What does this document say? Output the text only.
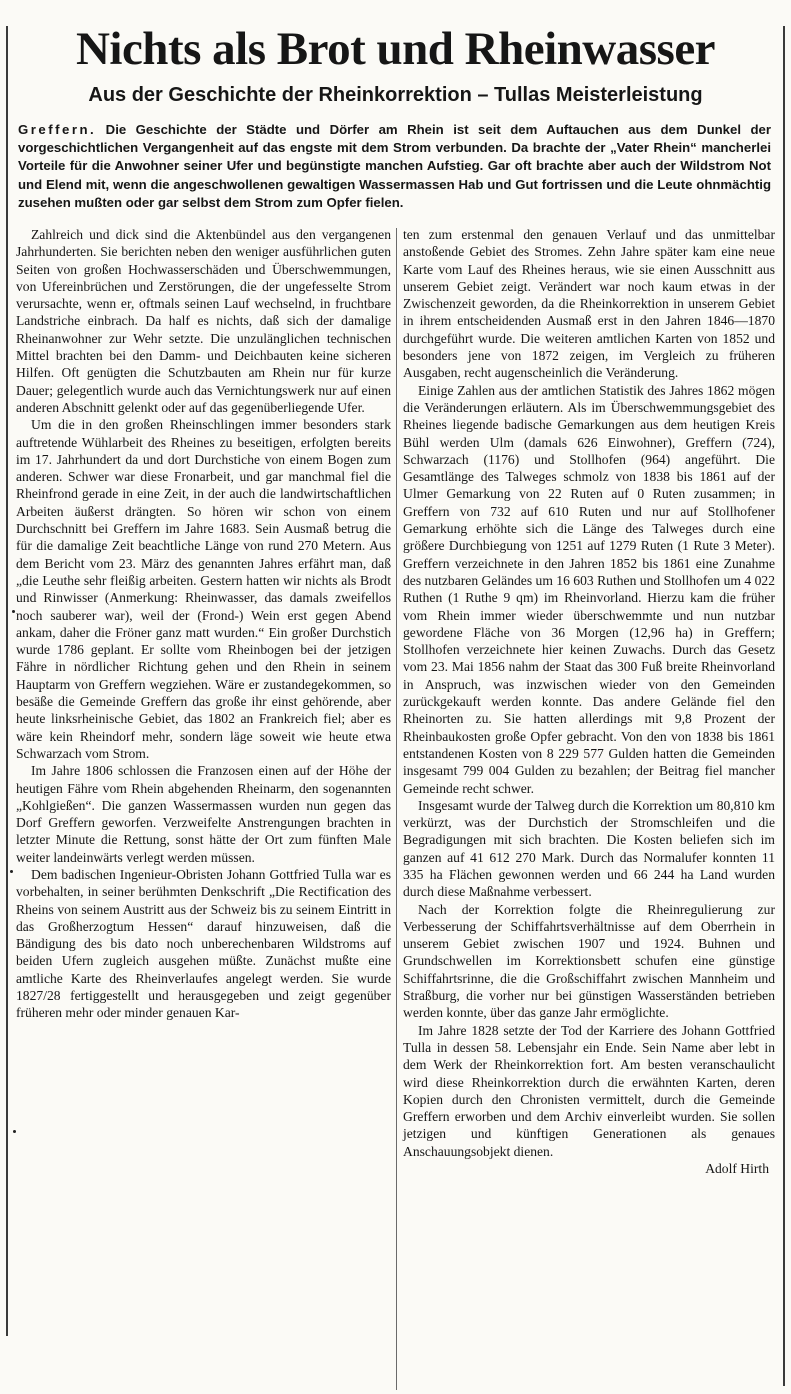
Nichts als Brot und Rheinwasser
Aus der Geschichte der Rheinkorrektion – Tullas Meisterleistung

Greffern. Die Geschichte der Städte und Dörfer am Rhein ist seit dem Auftauchen aus dem Dunkel der vorgeschichtlichen Vergangenheit auf das engste mit dem Strom verbunden. Da brachte der „Vater Rhein“ mancherlei Vorteile für die Anwohner seiner Ufer und begünstigte manchen Aufstieg. Gar oft brachte aber auch der Wildstrom Not und Elend mit, wenn die angeschwollenen gewaltigen Wassermassen Hab und Gut fortrissen und die Leute ohnmächtig zusehen mußten oder gar selbst dem Strom zum Opfer fielen.

Zahlreich und dick sind die Aktenbündel aus den vergangenen Jahrhunderten. Sie berichten neben den weniger ausführlichen guten Seiten von großen Hochwasserschäden und Überschwemmungen, von Ufereinbrüchen und Zerstörungen, die der ungefesselte Strom verursachte, wenn er, oftmals seinen Lauf wechselnd, in fruchtbare Landstriche einbrach. Da half es nichts, daß sich der damalige Rheinanwohner zur Wehr setzte. Die unzulänglichen technischen Mittel brachten bei den Damm- und Deichbauten keine sicheren Hilfen. Oft genügten die Schutzbauten am Rhein nur für kurze Dauer; gelegentlich wurde auch das Vernichtungswerk nur auf einen anderen Abschnitt gelenkt oder auf das gegenüberliegende Ufer.

Um die in den großen Rheinschlingen immer besonders stark auftretende Wühlarbeit des Rheines zu beseitigen, erfolgten bereits im 17. Jahrhundert da und dort Durchstiche von einem Bogen zum anderen. Schwer war diese Fronarbeit, und gar manchmal fiel die Rheinfrond gerade in eine Zeit, in der auch die landwirtschaftlichen Arbeiten äußerst drängten. So hören wir schon von einem Durchschnitt bei Greffern im Jahre 1683. Sein Ausmaß betrug die für die damalige Zeit beachtliche Länge von rund 270 Metern. Aus dem Bericht vom 23. März des genannten Jahres erfährt man, daß „die Leuthe sehr fleißig arbeiten. Gestern hatten wir nichts als Brodt und Rinwisser (Anmerkung: Rheinwasser, das damals zweifellos noch sauberer war), weil der (Frond-) Wein erst gegen Abend ankam, daher die Fröner ganz matt wurden.“ Ein großer Durchstich wurde 1786 geplant. Er sollte vom Rheinbogen bei der jetzigen Fähre in nördlicher Richtung gehen und den Rhein in seinem Hauptarm von Greffern wegziehen. Wäre er zustandegekommen, so besäße die Gemeinde Greffern das große ihr einst gehörende, aber heute linksrheinische Gebiet, das 1802 an Frankreich fiel; aber es wäre kein Rheindorf mehr, sondern läge soweit wie heute etwa Schwarzach vom Strom.

Im Jahre 1806 schlossen die Franzosen einen auf der Höhe der heutigen Fähre vom Rhein abgehenden Rheinarm, den sogenannten „Kohlgießen“. Die ganzen Wassermassen wurden nun gegen das Dorf Greffern geworfen. Verzweifelte Anstrengungen brachten in letzter Minute die Rettung, sonst hätte der Ort zum fünften Male weiter landeinwärts verlegt werden müssen.

Dem badischen Ingenieur-Obristen Johann Gottfried Tulla war es vorbehalten, in seiner berühmten Denkschrift „Die Rectification des Rheins von seinem Austritt aus der Schweiz bis zu seinem Eintritt in das Großherzogtum Hessen“ darauf hinzuweisen, daß die Bändigung des bis dato noch unberechenbaren Wildstroms auf beiden Ufern zugleich ausgehen müßte. Zunächst mußte eine amtliche Karte des Rheinverlaufes angelegt werden. Sie wurde 1827/28 fertiggestellt und herausgegeben und zeigt gegenüber früheren mehr oder minder genauen Kar-

ten zum erstenmal den genauen Verlauf und das unmittelbar anstoßende Gebiet des Stromes. Zehn Jahre später kam eine neue Karte vom Lauf des Rheines heraus, wie sie einen Ausschnitt aus unserem Gebiet zeigt. Verändert war noch kaum etwas in der Zwischenzeit geworden, da die Rheinkorrektion in unserem Gebiet in ihrem entscheidenden Ausmaß erst in den Jahren 1846—1870 durchgeführt wurde. Die weiteren amtlichen Karten von 1852 und besonders jene von 1872 zeigen, im Vergleich zu früheren Ausgaben, recht augenscheinlich die Veränderung.

Einige Zahlen aus der amtlichen Statistik des Jahres 1862 mögen die Veränderungen erläutern. Als im Überschwemmungsgebiet des Rheines liegende badische Gemarkungen aus dem heutigen Kreis Bühl werden Ulm (damals 626 Einwohner), Greffern (724), Schwarzach (1176) und Stollhofen (964) angeführt. Die Gesamtlänge des Talweges schmolz von 1838 bis 1861 auf der Ulmer Gemarkung von 22 Ruten auf 0 Ruten zusammen; in Greffern von 732 auf 610 Ruten und nur auf Stollhofener Gemarkung erhöhte sich die Länge des Talweges durch eine größere Durchbiegung von 1251 auf 1279 Ruten (1 Rute 3 Meter). Greffern verzeichnete in den Jahren 1852 bis 1861 eine Zunahme des nutzbaren Geländes um 16 603 Ruthen und Stollhofen um 4 022 Ruthen (1 Ruthe 9 qm) im Rheinvorland. Hierzu kam die früher vom Rhein immer wieder überschwemmte und nun nutzbar gewordene Fläche von 36 Morgen (12,96 ha) in Greffern; Stollhofen verzeichnete hier keinen Zuwachs. Durch das Gesetz vom 23. Mai 1856 nahm der Staat das 300 Fuß breite Rheinvorland in Anspruch, was inzwischen wieder von den Gemeinden zurückgekauft werden konnte. Das andere Gelände fiel den Rheinorten zu. Sie hatten allerdings mit 9,8 Prozent der Rheinbaukosten große Opfer gebracht. Von den von 1838 bis 1861 entstandenen Kosten von 8 229 577 Gulden hatten die Gemeinden insgesamt 799 004 Gulden zu bezahlen; der Beitrag fiel mancher Gemeinde recht schwer.

Insgesamt wurde der Talweg durch die Korrektion um 80,810 km verkürzt, was der Durchstich der Stromschleifen und die Begradigungen mit sich brachten. Die Kosten beliefen sich im ganzen auf 41 612 270 Mark. Durch das Normalufer konnten 11 335 ha Flächen gewonnen werden und 66 244 ha Land wurden durch diese Maßnahme verbessert.

Nach der Korrektion folgte die Rheinregulierung zur Verbesserung der Schiffahrtsverhältnisse auf dem Oberrhein in unserem Gebiet zwischen 1907 und 1924. Buhnen und Grundschwellen im Korrektionsbett schufen eine günstige Schiffahrtsrinne, die die Großschiffahrt zwischen Mannheim und Straßburg, die vorher nur bei günstigen Wasserständen betrieben werden konnte, über das ganze Jahr ermöglichte.

Im Jahre 1828 setzte der Tod der Karriere des Johann Gottfried Tulla in dessen 58. Lebensjahr ein Ende. Sein Name aber lebt in dem Werk der Rheinkorrektion fort. Am besten veranschaulicht wird diese Rheinkorrektion durch die erwähnten Karten, deren Kopien durch den Chronisten vermittelt, durch die Gemeinde Greffern erworben und dem Archiv einverleibt wurden. Sie sollen jetzigen und künftigen Generationen als genaues Anschauungsobjekt dienen.

Adolf Hirth
